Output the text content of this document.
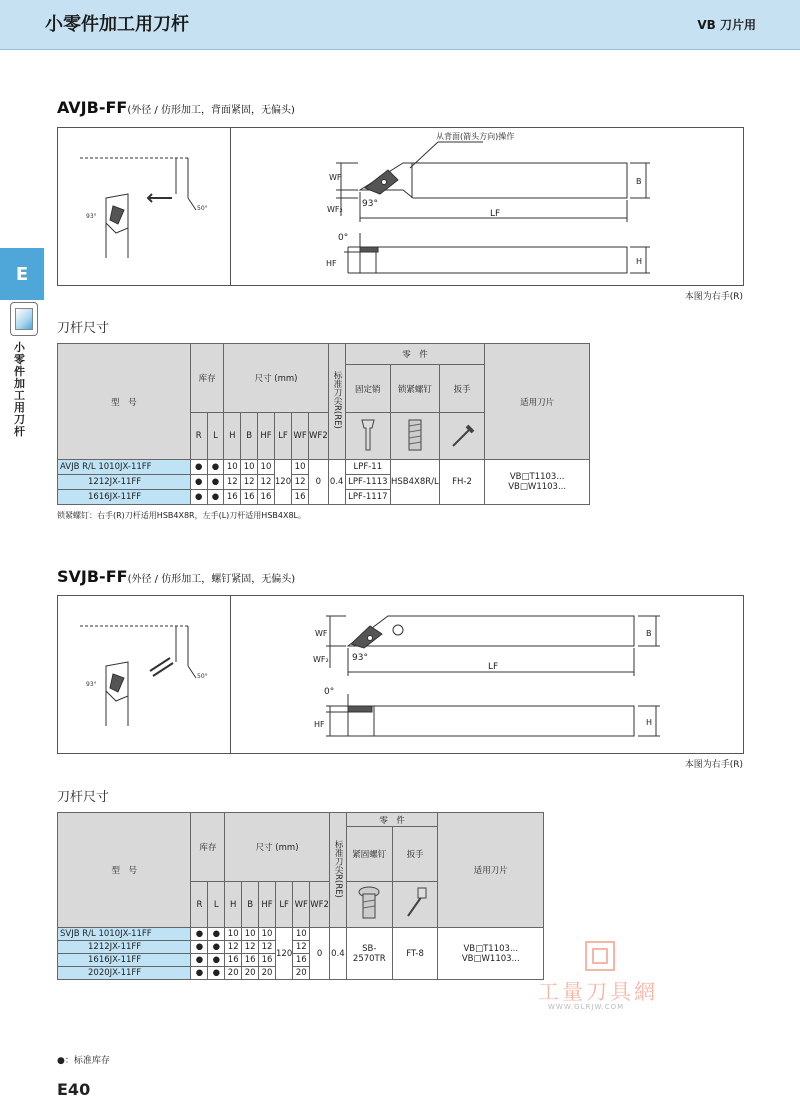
小零件加工用刀杆	VB 刀片用
E
小零件加工用刀杆
AVJB-FF(外径 / 仿形加工，背面紧固，无偏头)
93°
50°
从背面(箭头方向)操作
WF
WF₂
B
LF
93°
0°
HF	H
本图为右手(R)
刀杆尺寸
型　号	库存		尺寸 (mm)						标准刀尖R(RE)	零　件			适用刀片
										固定销	锁紧螺钉	扳手	
	R	L	H	B	HF	LF	WF	WF2			
AVJB R/L 1010JX-11FF	●	●	10	10	10	120	10	0	0.4	LPF-11	HSB4X8R/L	FH-2	VB□T1103...
VB□W1103...

1212JX-11FF	●	●	12	12	12		12			LPF-1113			
1616JX-11FF	●	●	16	16	16		16			LPF-1117			
锁紧螺钉：右手(R)刀杆适用HSB4X8R，左手(L)刀杆适用HSB4X8L。
SVJB-FF(外径 / 仿形加工，螺钉紧固，无偏头)
93°
50°
WF
WF₂
B
LF
93°
0°
HF	H
本图为右手(R)
刀杆尺寸
型　号	库存		尺寸 (mm)						标准刀尖R(RE)	零　件		适用刀片
										紧固螺钉	扳手	
	R	L	H	B	HF	LF	WF	WF2		
SVJB R/L 1010JX-11FF	●	●	10	10	10	120	10	0	0.4	SB-2570TR	FT-8	VB□T1103...
VB□W1103...

1212JX-11FF	●	●	12	12	12		12					
1616JX-11FF	●	●	16	16	16		16					
2020JX-11FF	●	●	20	20	20		20					
工量刀具網
WWW.GLRJW.COM
●：标准库存
E40
